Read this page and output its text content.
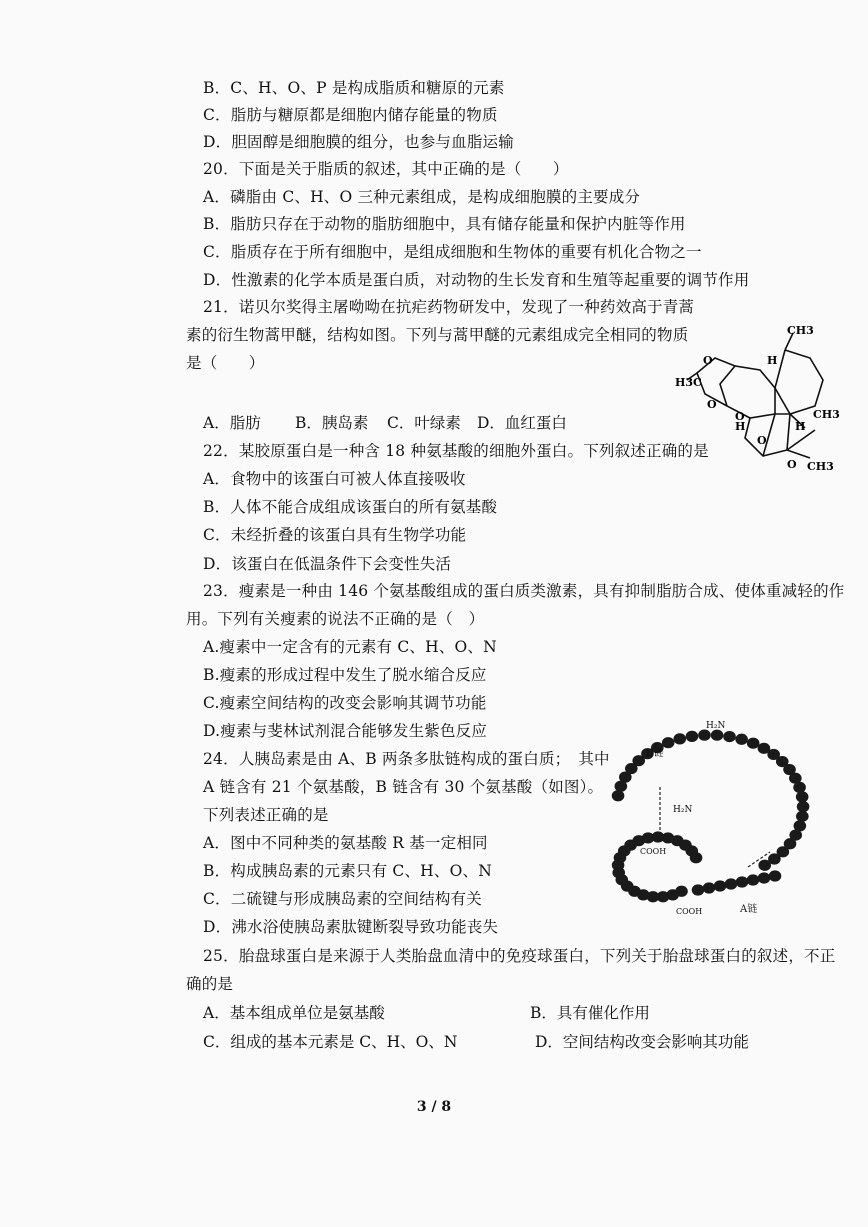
B．C、H、O、P 是构成脂质和糖原的元素
C．脂肪与糖原都是细胞内储存能量的物质
D．胆固醇是细胞膜的组分，也参与血脂运输
20．下面是关于脂质的叙述，其中正确的是（　　）
A．磷脂由 C、H、O 三种元素组成，是构成细胞膜的主要成分
B．脂肪只存在于动物的脂肪细胞中，具有储存能量和保护内脏等作用
C．脂质存在于所有细胞中，是组成细胞和生物体的重要有机化合物之一
D．性激素的化学本质是蛋白质，对动物的生长发育和生殖等起重要的调节作用
21．诺贝尔奖得主屠呦呦在抗疟药物研发中，发现了一种药效高于青蒿
素的衍生物蒿甲醚，结构如图。下列与蒿甲醚的元素组成完全相同的物质
是（　　）
A．脂肪 B．胰岛素 C．叶绿素 D．血红蛋白
CH3
H3C
O
O
H
O
H
CH3
H
O
O CH3
22．某胶原蛋白是一种含 18 种氨基酸的细胞外蛋白。下列叙述正确的是
A．食物中的该蛋白可被人体直接吸收
B．人体不能合成组成该蛋白的所有氨基酸
C．未经折叠的该蛋白具有生物学功能
D．该蛋白在低温条件下会变性失活
23．瘦素是一种由 146 个氨基酸组成的蛋白质类激素，具有抑制脂肪合成、使体重减轻的作
用。下列有关瘦素的说法不正确的是（　）
A.瘦素中一定含有的元素有 C、H、O、N
B.瘦素的形成过程中发生了脱水缩合反应
C.瘦素空间结构的改变会影响其调节功能
D.瘦素与斐林试剂混合能够发生紫色反应
24．人胰岛素是由 A、B 两条多肽链构成的蛋白质；　其中
A 链含有 21 个氨基酸，B 链含有 30 个氨基酸（如图）。
下列表述正确的是
A．图中不同种类的氨基酸 R 基一定相同
B．构成胰岛素的元素只有 C、H、O、N
C．二硫键与形成胰岛素的空间结构有关
D．沸水浴使胰岛素肽键断裂导致功能丧失
H₂N
B链
H₂N
COOH
COOH	A链
25．胎盘球蛋白是来源于人类胎盘血清中的免疫球蛋白，下列关于胎盘球蛋白的叙述，不正
确的是
A．基本组成单位是氨基酸	B．具有催化作用
C．组成的基本元素是 C、H、O、N	D．空间结构改变会影响其功能
3 / 8
